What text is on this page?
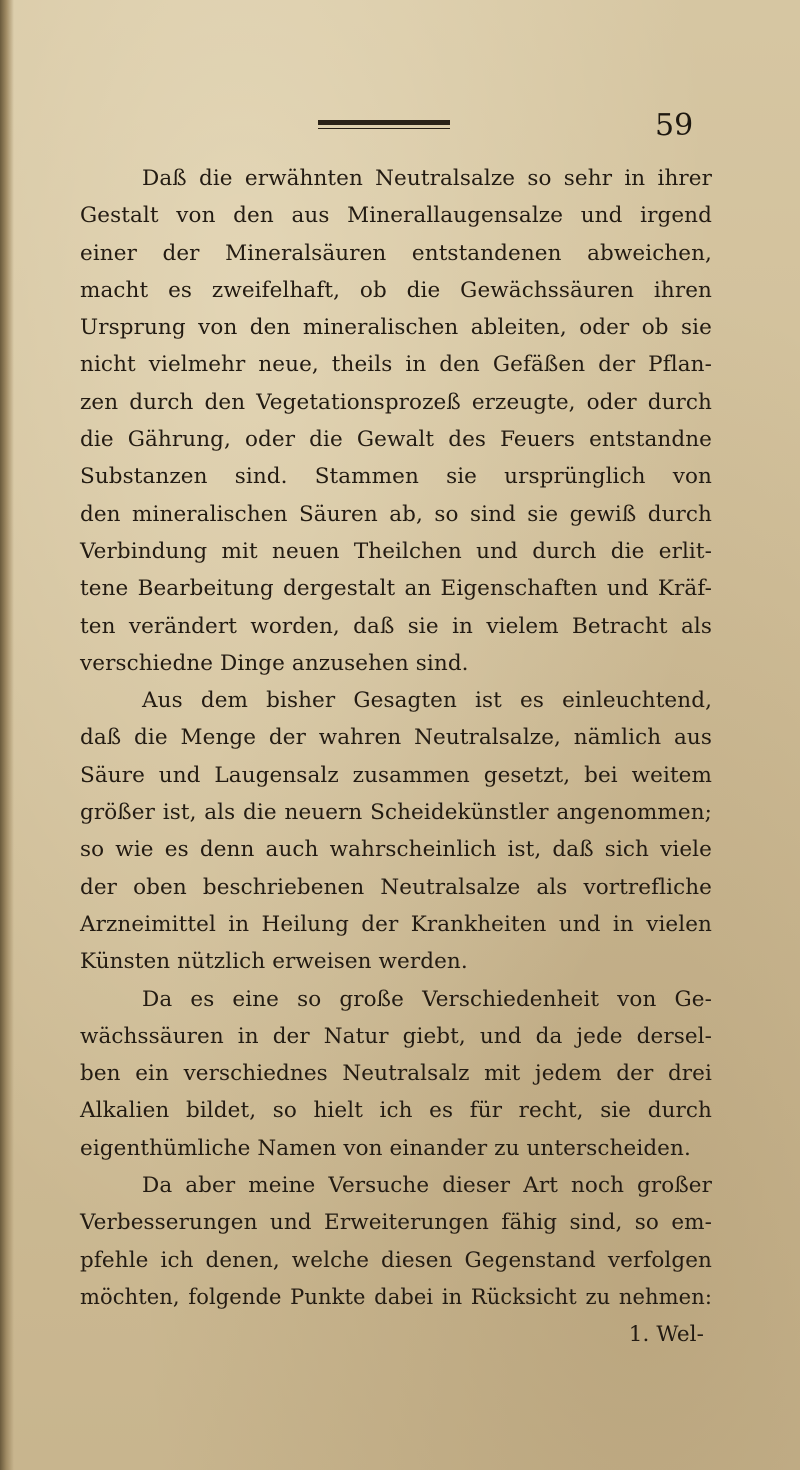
59
Daß die erwähnten Neutralsalze so sehr in ihrer
Gestalt von den aus Minerallaugensalze und irgend
einer der Mineralsäuren entstandenen abweichen,
macht es zweifelhaft, ob die Gewächssäuren ihren
Ursprung von den mineralischen ableiten, oder ob sie
nicht vielmehr neue, theils in den Gefäßen der Pflan-
zen durch den Vegetationsprozeß erzeugte, oder durch
die Gährung, oder die Gewalt des Feuers entstandne
Substanzen sind. Stammen sie ursprünglich von
den mineralischen Säuren ab, so sind sie gewiß durch
Verbindung mit neuen Theilchen und durch die erlit-
tene Bearbeitung dergestalt an Eigenschaften und Kräf-
ten verändert worden, daß sie in vielem Betracht als
verschiedne Dinge anzusehen sind.
Aus dem bisher Gesagten ist es einleuchtend,
daß die Menge der wahren Neutralsalze, nämlich aus
Säure und Laugensalz zusammen gesetzt, bei weitem
größer ist, als die neuern Scheidekünstler angenommen;
so wie es denn auch wahrscheinlich ist, daß sich viele
der oben beschriebenen Neutralsalze als vortrefliche
Arzneimittel in Heilung der Krankheiten und in vielen
Künsten nützlich erweisen werden.
Da es eine so große Verschiedenheit von Ge-
wächssäuren in der Natur giebt, und da jede dersel-
ben ein verschiednes Neutralsalz mit jedem der drei
Alkalien bildet, so hielt ich es für recht, sie durch
eigenthümliche Namen von einander zu unterscheiden.
Da aber meine Versuche dieser Art noch großer
Verbesserungen und Erweiterungen fähig sind, so em-
pfehle ich denen, welche diesen Gegenstand verfolgen
möchten, folgende Punkte dabei in Rücksicht zu nehmen:
1. Wel-
